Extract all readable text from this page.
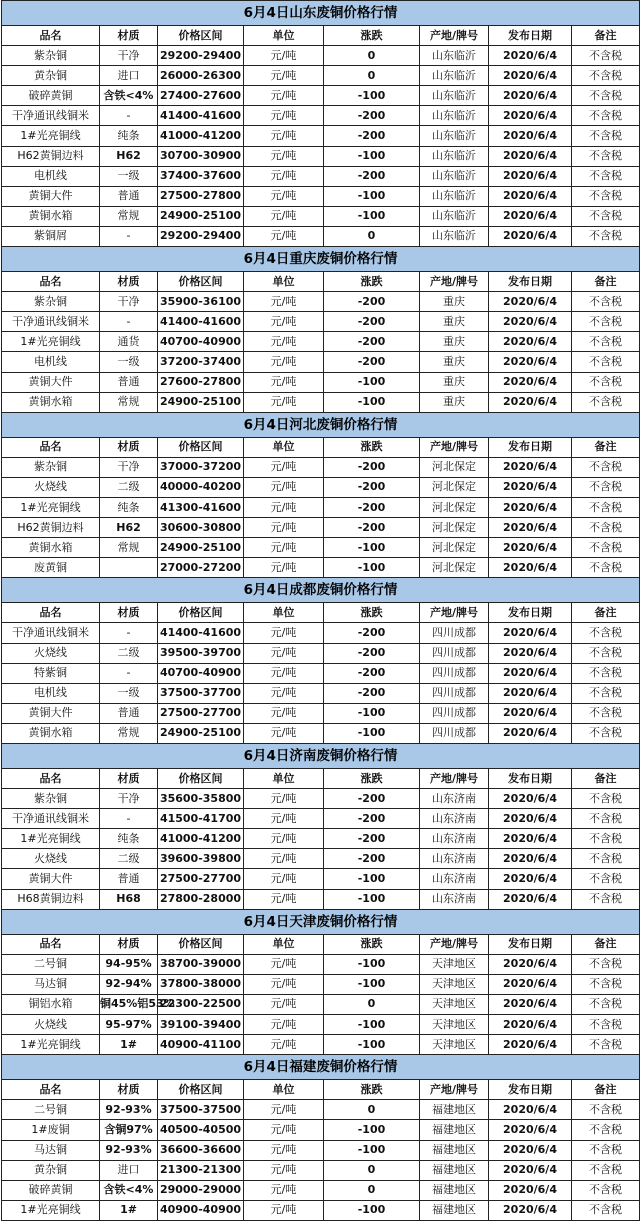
6月4日山东废铜价格行情							
品名	材质	价格区间	单位	涨跌	产地/牌号	发布日期	备注
紫杂铜	干净	29200-29400	元/吨	0	山东临沂	2020/6/4	不含税
黄杂铜	进口	26000-26300	元/吨	0	山东临沂	2020/6/4	不含税
破碎黄铜	含铁<4%	27400-27600	元/吨	-100	山东临沂	2020/6/4	不含税
干净通讯线铜米	-	41400-41600	元/吨	-200	山东临沂	2020/6/4	不含税
1#光亮铜线	纯条	41000-41200	元/吨	-200	山东临沂	2020/6/4	不含税
H62黄铜边料	H62	30700-30900	元/吨	-100	山东临沂	2020/6/4	不含税
电机线	一级	37400-37600	元/吨	-200	山东临沂	2020/6/4	不含税
黄铜大件	普通	27500-27800	元/吨	-100	山东临沂	2020/6/4	不含税
黄铜水箱	常规	24900-25100	元/吨	-100	山东临沂	2020/6/4	不含税
紫铜屑	-	29200-29400	元/吨	0	山东临沂	2020/6/4	不含税
6月4日重庆废铜价格行情							
品名	材质	价格区间	单位	涨跌	产地/牌号	发布日期	备注
紫杂铜	干净	35900-36100	元/吨	-200	重庆	2020/6/4	不含税
干净通讯线铜米	-	41400-41600	元/吨	-200	重庆	2020/6/4	不含税
1#光亮铜线	通货	40700-40900	元/吨	-200	重庆	2020/6/4	不含税
电机线	一级	37200-37400	元/吨	-200	重庆	2020/6/4	不含税
黄铜大件	普通	27600-27800	元/吨	-100	重庆	2020/6/4	不含税
黄铜水箱	常规	24900-25100	元/吨	-100	重庆	2020/6/4	不含税
6月4日河北废铜价格行情							
品名	材质	价格区间	单位	涨跌	产地/牌号	发布日期	备注
紫杂铜	干净	37000-37200	元/吨	-200	河北保定	2020/6/4	不含税
火烧线	二级	40000-40200	元/吨	-200	河北保定	2020/6/4	不含税
1#光亮铜线	纯条	41300-41600	元/吨	-200	河北保定	2020/6/4	不含税
H62黄铜边料	H62	30600-30800	元/吨	-200	河北保定	2020/6/4	不含税
黄铜水箱	常规	24900-25100	元/吨	-100	河北保定	2020/6/4	不含税
废黄铜		27000-27200	元/吨	-100	河北保定	2020/6/4	不含税
6月4日成都废铜价格行情							
品名	材质	价格区间	单位	涨跌	产地/牌号	发布日期	备注
干净通讯线铜米	-	41400-41600	元/吨	-200	四川成都	2020/6/4	不含税
火烧线	二级	39500-39700	元/吨	-200	四川成都	2020/6/4	不含税
特紫铜	-	40700-40900	元/吨	-200	四川成都	2020/6/4	不含税
电机线	一级	37500-37700	元/吨	-200	四川成都	2020/6/4	不含税
黄铜大件	普通	27500-27700	元/吨	-100	四川成都	2020/6/4	不含税
黄铜水箱	常规	24900-25100	元/吨	-100	四川成都	2020/6/4	不含税
6月4日济南废铜价格行情							
品名	材质	价格区间	单位	涨跌	产地/牌号	发布日期	备注
紫杂铜	干净	35600-35800	元/吨	-200	山东济南	2020/6/4	不含税
干净通讯线铜米	-	41500-41700	元/吨	-200	山东济南	2020/6/4	不含税
1#光亮铜线	纯条	41000-41200	元/吨	-200	山东济南	2020/6/4	不含税
火烧线	二级	39600-39800	元/吨	-200	山东济南	2020/6/4	不含税
黄铜大件	普通	27500-27700	元/吨	-100	山东济南	2020/6/4	不含税
H68黄铜边料	H68	27800-28000	元/吨	-100	山东济南	2020/6/4	不含税
6月4日天津废铜价格行情							
品名	材质	价格区间	单位	涨跌	产地/牌号	发布日期	备注
二号铜	94-95%	38700-39000	元/吨	-100	天津地区	2020/6/4	不含税
马达铜	92-94%	37800-38000	元/吨	-100	天津地区	2020/6/4	不含税
铜铝水箱	铜45%铝53%	22300-22500	元/吨	0	天津地区	2020/6/4	不含税
火烧线	95-97%	39100-39400	元/吨	-100	天津地区	2020/6/4	不含税
1#光亮铜线	1#	40900-41100	元/吨	-100	天津地区	2020/6/4	不含税
6月4日福建废铜价格行情							
品名	材质	价格区间	单位	涨跌	产地/牌号	发布日期	备注
二号铜	92-93%	37500-37500	元/吨	0	福建地区	2020/6/4	不含税
1#废铜	含铜97%	40500-40500	元/吨	-100	福建地区	2020/6/4	不含税
马达铜	92-93%	36600-36600	元/吨	-100	福建地区	2020/6/4	不含税
黄杂铜	进口	21300-21300	元/吨	0	福建地区	2020/6/4	不含税
破碎黄铜	含铁<4%	29000-29000	元/吨	0	福建地区	2020/6/4	不含税
1#光亮铜线	1#	40900-40900	元/吨	-100	福建地区	2020/6/4	不含税
